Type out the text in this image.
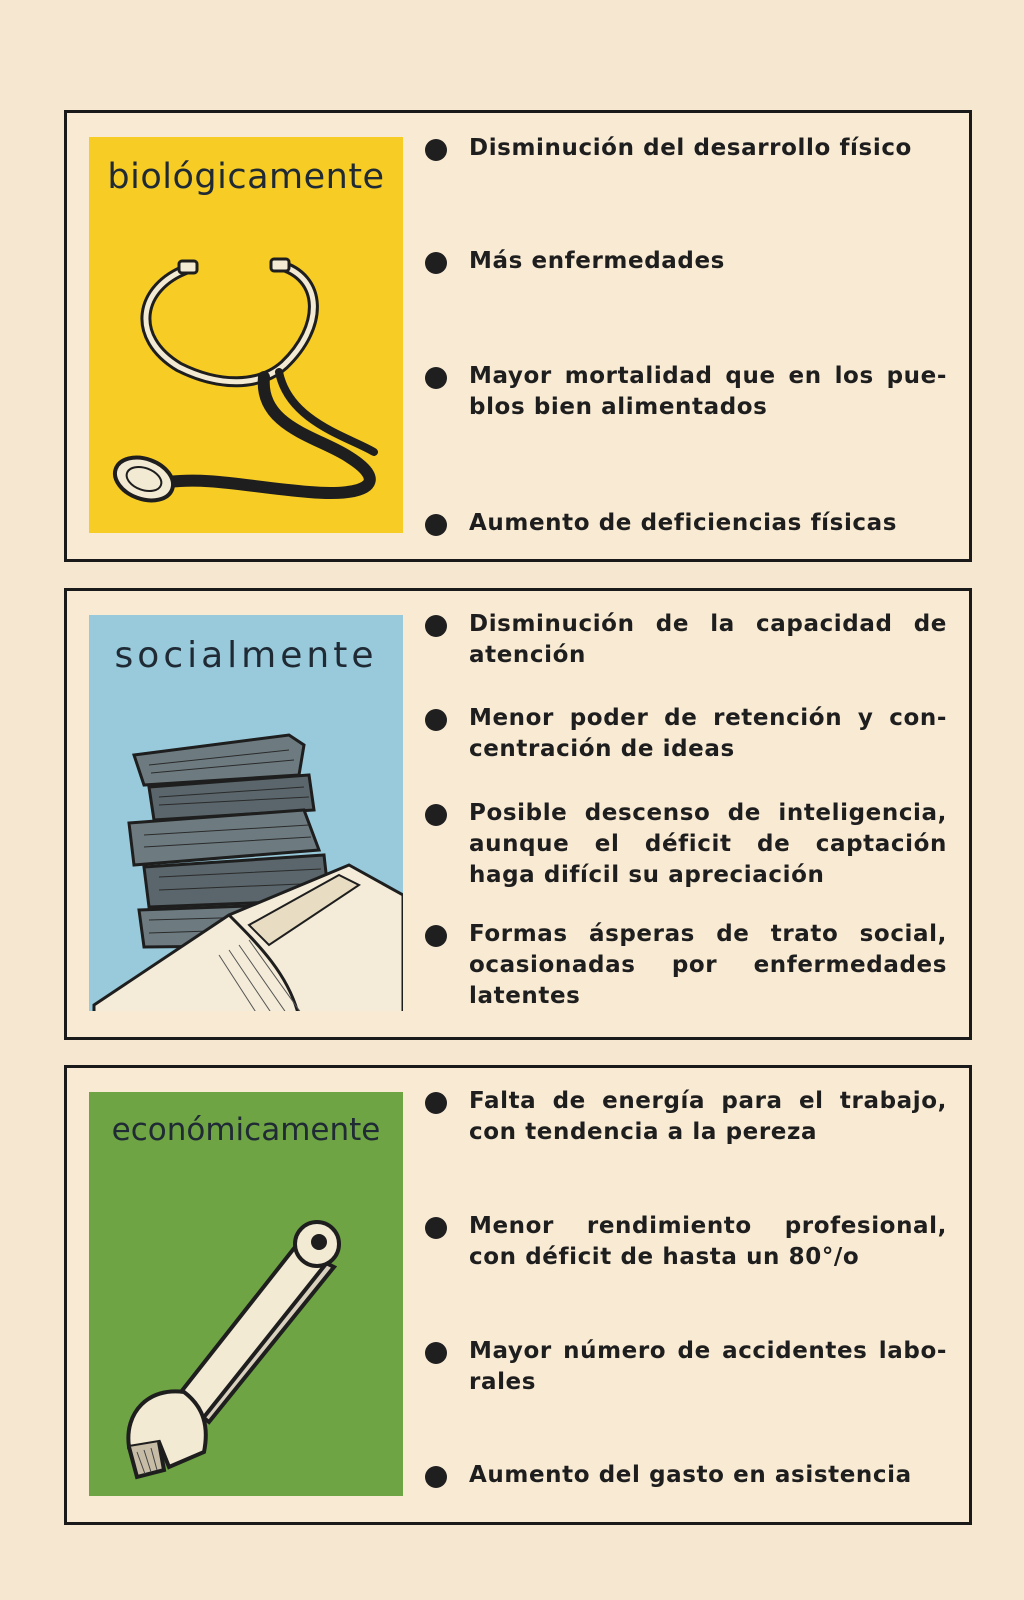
biológicamente
Disminución del desarrollo físico
Más enfermedades
Mayor mortalidad que en los pue-blos bien alimentados
Aumento de deficiencias físicas
socialmente
Disminución de la capacidad de atención
Menor poder de retención y con-centración de ideas
Posible descenso de inteligencia, aunque el déficit de captación haga difícil su apreciación
Formas ásperas de trato social, ocasionadas por enfermedades latentes
económicamente
Falta de energía para el trabajo, con tendencia a la pereza
Menor rendimiento profesional, con déficit de hasta un 80°/o
Mayor número de accidentes labo-rales
Aumento del gasto en asistencia
